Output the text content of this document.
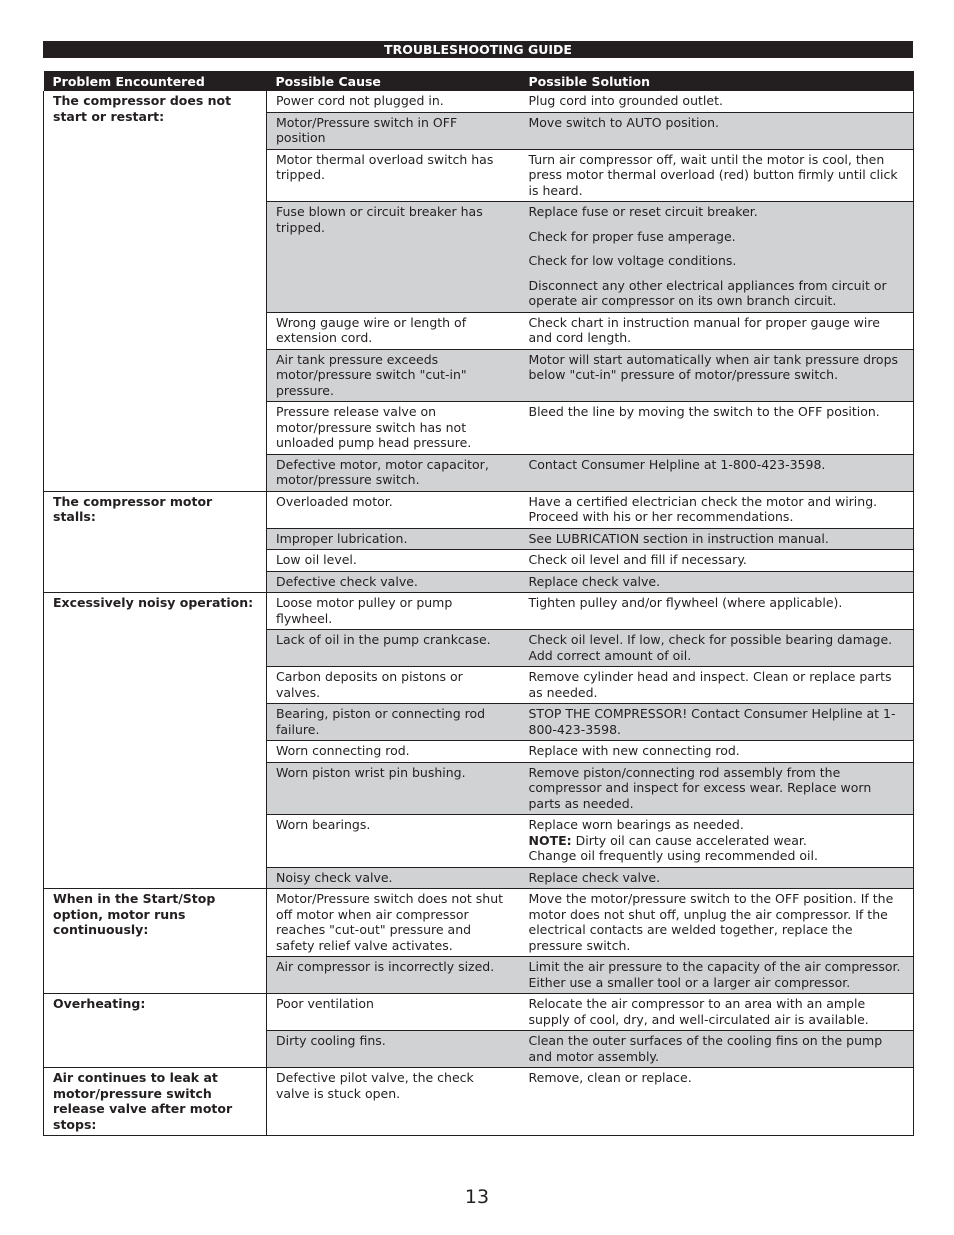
TROUBLESHOOTING GUIDE
Problem Encountered	Possible Cause	Possible Solution
The compressor does not start or restart:	Power cord not plugged in.	Plug cord into grounded outlet.

	Motor/Pressure switch in OFF position	Move switch to AUTO position.

	Motor thermal overload switch has tripped.	Turn air compressor off, wait until the motor is cool, then press motor thermal overload (red) button firmly until click is heard.

	Fuse blown or circuit breaker has tripped.	Replace fuse or reset circuit breaker.
Check for proper fuse amperage.
Check for low voltage conditions.
Disconnect any other electrical appliances from circuit or operate air compressor on its own branch circuit.

	Wrong gauge wire or length of extension cord.	Check chart in instruction manual for proper gauge wire and cord length.

	Air tank pressure exceeds motor/pressure switch "cut-in" pressure.	Motor will start automatically when air tank pressure drops below "cut-in" pressure of motor/pressure switch.

	Pressure release valve on motor/pressure switch has not unloaded pump head pressure.	Bleed the line by moving the switch to the OFF position.

	Defective motor, motor capacitor, motor/pressure switch.	Contact Consumer Helpline at 1-800-423-3598.

The compressor motor stalls:	Overloaded motor.	Have a certified electrician check the motor and wiring. Proceed with his or her recommendations.

	Improper lubrication.	See LUBRICATION section in instruction manual.

	Low oil level.	Check oil level and fill if necessary.

	Defective check valve.	Replace check valve.

Excessively noisy operation:	Loose motor pulley or pump flywheel.	Tighten pulley and/or flywheel (where applicable).

	Lack of oil in the pump crankcase.	Check oil level. If low, check for possible bearing damage. Add correct amount of oil.

	Carbon deposits on pistons or valves.	Remove cylinder head and inspect. Clean or replace parts as needed.

	Bearing, piston or connecting rod failure.	STOP THE COMPRESSOR! Contact Consumer Helpline at 1-800-423-3598.

	Worn connecting rod.	Replace with new connecting rod.

	Worn piston wrist pin bushing.	Remove piston/connecting rod assembly from the compressor and inspect for excess wear. Replace worn parts as needed.

	Worn bearings.	Replace worn bearings as needed.
NOTE: Dirty oil can cause accelerated wear.
Change oil frequently using recommended oil.

	Noisy check valve.	Replace check valve.

When in the Start/Stop option, motor runs continuously:	Motor/Pressure switch does not shut off motor when air compressor reaches "cut-out" pressure and safety relief valve activates.	Move the motor/pressure switch to the OFF position. If the motor does not shut off, unplug the air compressor. If the electrical contacts are welded together, replace the pressure switch.

	Air compressor is incorrectly sized.	Limit the air pressure to the capacity of the air compressor. Either use a smaller tool or a larger air compressor.

Overheating:	Poor ventilation	Relocate the air compressor to an area with an ample supply of cool, dry, and well-circulated air is available.

	Dirty cooling fins.	Clean the outer surfaces of the cooling fins on the pump and motor assembly.

Air continues to leak at motor/pressure switch release valve after motor stops:	Defective pilot valve, the check valve is stuck open.	Remove, clean or replace.
13
